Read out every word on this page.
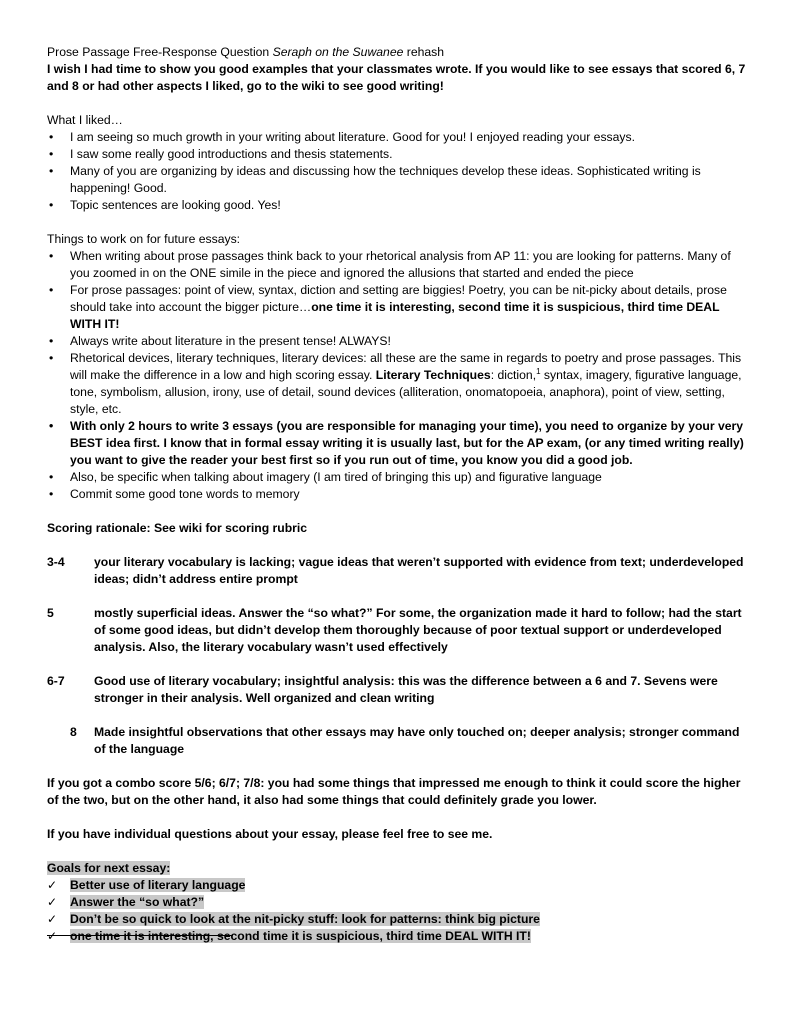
Prose Passage Free-Response Question Seraph on the Suwanee rehash

I wish I had time to show you good examples that your classmates wrote. If you would like to see essays that scored 6, 7 and 8 or had other aspects I liked, go to the wiki to see good writing!

What I liked…

• I am seeing so much growth in your writing about literature. Good for you! I enjoyed reading your essays.
• I saw some really good introductions and thesis statements.
• Many of you are organizing by ideas and discussing how the techniques develop these ideas. Sophisticated writing is happening! Good.
• Topic sentences are looking good. Yes!

Things to work on for future essays:

• When writing about prose passages think back to your rhetorical analysis from AP 11: you are looking for patterns. Many of you zoomed in on the ONE simile in the piece and ignored the allusions that started and ended the piece
• For prose passages: point of view, syntax, diction and setting are biggies! Poetry, you can be nit-picky about details, prose should take into account the bigger picture…one time it is interesting, second time it is suspicious, third time DEAL WITH IT!
• Always write about literature in the present tense! ALWAYS!
• Rhetorical devices, literary techniques, literary devices: all these are the same in regards to poetry and prose passages. This will make the difference in a low and high scoring essay. Literary Techniques: diction,$^1$ syntax, imagery, figurative language, tone, symbolism, allusion, irony, use of detail, sound devices (alliteration, onomatopoeia, anaphora), point of view, setting, style, etc.
• With only 2 hours to write 3 essays (you are responsible for managing your time), you need to organize by your very BEST idea first. I know that in formal essay writing it is usually last, but for the AP exam, (or any timed writing really) you want to give the reader your best first so if you run out of time, you know you did a good job.
• Also, be specific when talking about imagery (I am tired of bringing this up) and figurative language
• Commit some good tone words to memory

Scoring rationale: See wiki for scoring rubric

3-4	your literary vocabulary is lacking; vague ideas that weren’t supported with evidence from text; underdeveloped ideas; didn’t address entire prompt
5	mostly superficial ideas. Answer the “so what?” For some, the organization made it hard to follow; had the start of some good ideas, but didn’t develop them thoroughly because of poor textual support or underdeveloped analysis. Also, the literary vocabulary wasn’t used effectively
6-7	Good use of literary vocabulary; insightful analysis: this was the difference between a 6 and 7. Sevens were stronger in their analysis. Well organized and clean writing
8	Made insightful observations that other essays may have only touched on; deeper analysis; stronger command of the language

If you got a combo score 5/6; 6/7; 7/8: you had some things that impressed me enough to think it could score the higher of the two, but on the other hand, it also had some things that could definitely grade you lower.

If you have individual questions about your essay, please feel free to see me.

Goals for next essay:

✓ Better use of literary language
✓ Answer the “so what?”
✓ Don’t be so quick to look at the nit-picky stuff: look for patterns: think big picture
✓ one time it is interesting, second time it is suspicious, third time DEAL WITH IT!
